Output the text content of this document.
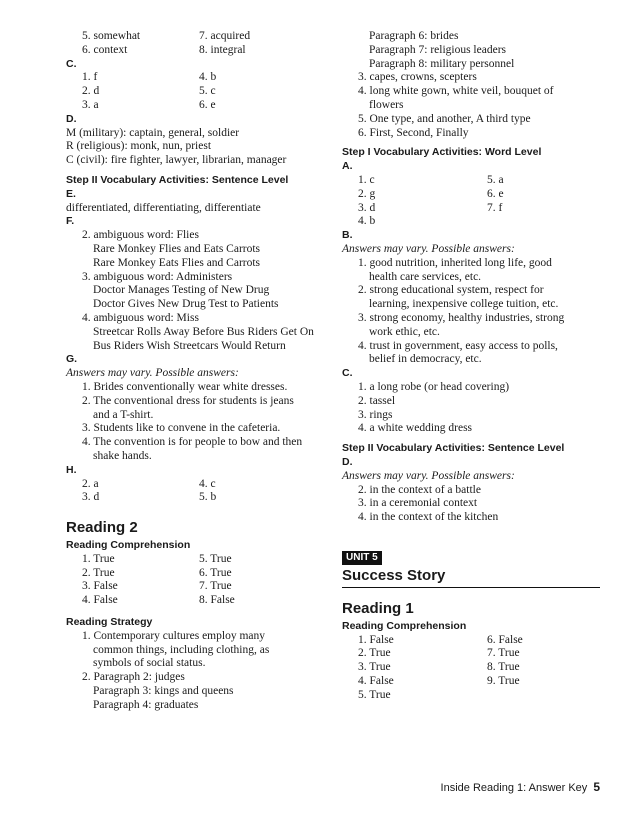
5. somewhat	7. acquired
6. context	8. integral
C.
1. f	4. b
2. d	5. c
3. a	6. e
D.
M (military): captain, general, soldier
R (religious): monk, nun, priest
C (civil): fire fighter, lawyer, librarian, manager
Step II Vocabulary Activities: Sentence Level
E.
differentiated, differentiating, differentiate
F.
2. ambiguous word: Flies
Rare Monkey Flies and Eats Carrots
Rare Monkey Eats Flies and Carrots
3. ambiguous word: Administers
Doctor Manages Testing of New Drug
Doctor Gives New Drug Test to Patients
4. ambiguous word: Miss
Streetcar Rolls Away Before Bus Riders Get On
Bus Riders Wish Streetcars Would Return
G.
Answers may vary. Possible answers:
1. Brides conventionally wear white dresses.
2. The conventional dress for students is jeans
and a T-shirt.
3. Students like to convene in the cafeteria.
4. The convention is for people to bow and then
shake hands.
H.
2. a	4. c
3. d	5. b
Reading 2
Reading Comprehension
1. True	5. True
2. True	6. True
3. False	7. True
4. False	8. False
Reading Strategy
1. Contemporary cultures employ many
common things, including clothing, as
symbols of social status.
2. Paragraph 2: judges
Paragraph 3: kings and queens
Paragraph 4: graduates
Paragraph 6: brides
Paragraph 7: religious leaders
Paragraph 8: military personnel
3. capes, crowns, scepters
4. long white gown, white veil, bouquet of
flowers
5. One type, and another, A third type
6. First, Second, Finally
Step I Vocabulary Activities: Word Level
A.
1. c	5. a
2. g	6. e
3. d	7. f
4. b
B.
Answers may vary. Possible answers:
1. good nutrition, inherited long life, good
health care services, etc.
2. strong educational system, respect for
learning, inexpensive college tuition, etc.
3. strong economy, healthy industries, strong
work ethic, etc.
4. trust in government, easy access to polls,
belief in democracy, etc.
C.
1. a long robe (or head covering)
2. tassel
3. rings
4. a white wedding dress
Step II Vocabulary Activities: Sentence Level
D.
Answers may vary. Possible answers:
2. in the context of a battle
3. in a ceremonial context
4. in the context of the kitchen
UNIT 5
Success Story
Reading 1
Reading Comprehension
1. False	6. False
2. True	7. True
3. True	8. True
4. False	9. True
5. True
Inside Reading 1: Answer Key 5
